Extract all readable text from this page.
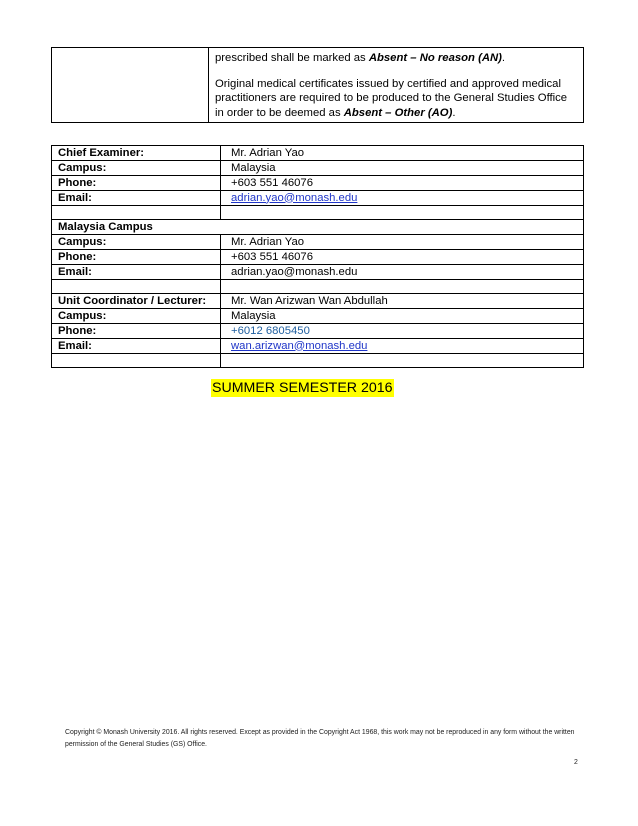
prescribed shall be marked as Absent – No reason (AN).

Original medical certificates issued by certified and approved medical practitioners are required to be produced to the General Studies Office in order to be deemed as Absent – Other (AO).

Chief Examiner:	Mr. Adrian Yao
Campus:	Malaysia
Phone:	+603 551 46076
Email:	adrian.yao@monash.edu

Malaysia Campus	
Campus:	Mr. Adrian Yao
Phone:	+603 551 46076
Email:	adrian.yao@monash.edu

Unit Coordinator / Lecturer:	Mr. Wan Arizwan Wan Abdullah
Campus:	Malaysia
Phone:	+6012 6805450
Email:	wan.arizwan@monash.edu

SUMMER SEMESTER 2016
Copyright © Monash University 2016. All rights reserved. Except as provided in the Copyright Act 1968, this work may not be reproduced in any form without the written permission of the General Studies (GS) Office.
2
